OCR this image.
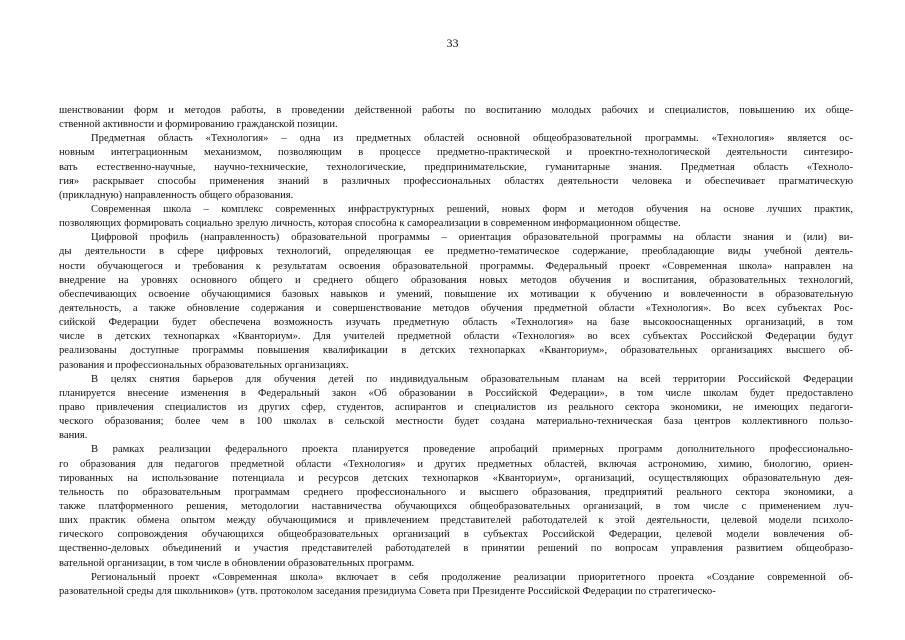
33
шенствовании форм и методов работы, в проведении действенной работы по воспитанию молодых рабочих и специалистов, повышению их обще-
ственной активности и формированию гражданской позиции.
Предметная область «Технология» – одна из предметных областей основной общеобразовательной программы. «Технология» является ос-
новным интеграционным механизмом, позволяющим в процессе предметно-практической и проектно-технологической деятельности синтезиро-
вать естественно-научные, научно-технические, технологические, предпринимательские, гуманитарные знания. Предметная область «Техноло-
гия» раскрывает способы применения знаний в различных профессиональных областях деятельности человека и обеспечивает прагматическую
(прикладную) направленность общего образования.
Современная школа – комплекс современных инфраструктурных решений, новых форм и методов обучения на основе лучших практик,
позволяющих формировать социально зрелую личность, которая способна к самореализации в современном информационном обществе.
Цифровой профиль (направленность) образовательной программы – ориентация образовательной программы на области знания и (или) ви-
ды деятельности в сфере цифровых технологий, определяющая ее предметно-тематическое содержание, преобладающие виды учебной деятель-
ности обучающегося и требования к результатам освоения образовательной программы. Федеральный проект «Современная школа» направлен на
внедрение на уровнях основного общего и среднего общего образования новых методов обучения и воспитания, образовательных технологий,
обеспечивающих освоение обучающимися базовых навыков и умений, повышение их мотивации к обучению и вовлеченности в образовательную
деятельность, а также обновление содержания и совершенствование методов обучения предметной области «Технология». Во всех субъектах Рос-
сийской Федерации будет обеспечена возможность изучать предметную область «Технология» на базе высокооснащенных организаций, в том
числе в детских технопарках «Кванториум». Для учителей предметной области «Технология» во всех субъектах Российской Федерации будут
реализованы доступные программы повышения квалификации в детских технопарках «Кванториум», образовательных организациях высшего об-
разования и профессиональных образовательных организациях.
В целях снятия барьеров для обучения детей по индивидуальным образовательным планам на всей территории Российской Федерации
планируется внесение изменения в Федеральный закон «Об образовании в Российской Федерации», в том числе школам будет предоставлено
право привлечения специалистов из других сфер, студентов, аспирантов и специалистов из реального сектора экономики, не имеющих педагоги-
ческого образования; более чем в 100 школах в сельской местности будет создана материально-техническая база центров коллективного пользо-
вания.
В рамках реализации федерального проекта планируется проведение апробаций примерных программ дополнительного профессионально-
го образования для педагогов предметной области «Технология» и других предметных областей, включая астрономию, химию, биологию, ориен-
тированных на использование потенциала и ресурсов детских технопарков «Кванториум», организаций, осуществляющих образовательную дея-
тельность по образовательным программам среднего профессионального и высшего образования, предприятий реального сектора экономики, а
также платформенного решения, методологии наставничества обучающихся общеобразовательных организаций, в том числе с применением луч-
ших практик обмена опытом между обучающимися и привлечением представителей работодателей к этой деятельности, целевой модели психоло-
гического сопровождения обучающихся общеобразовательных организаций в субъектах Российской Федерации, целевой модели вовлечения об-
щественно-деловых объединений и участия представителей работодателей в принятии решений по вопросам управления развитием общеобразо-
вательной организации, в том числе в обновлении образовательных программ.
Региональный проект «Современная школа» включает в себя продолжение реализации приоритетного проекта «Создание современной об-
разовательной среды для школьников» (утв. протоколом заседания президиума Совета при Президенте Российской Федерации по стратегическо-
